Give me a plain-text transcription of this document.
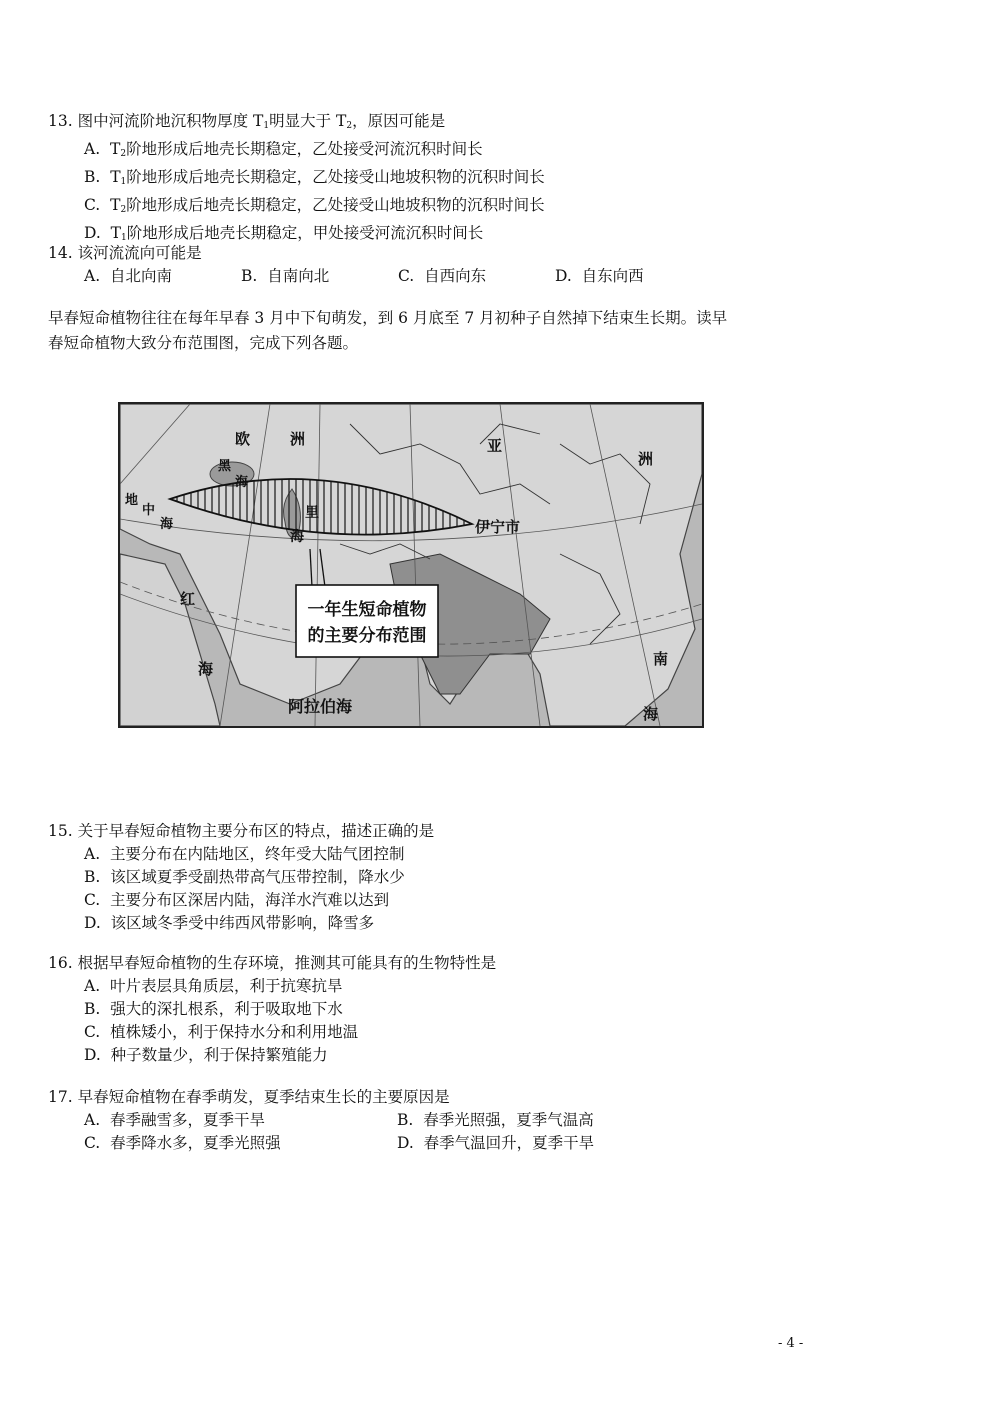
13. 图中河流阶地沉积物厚度 $T_1$明显大于 $T_2$，原因可能是
A. $T_2$阶地形成后地壳长期稳定，乙处接受河流沉积时间长
B. $T_1$阶地形成后地壳长期稳定，乙处接受山地坡积物的沉积时间长
C. $T_2$阶地形成后地壳长期稳定，乙处接受山地坡积物的沉积时间长
D. $T_1$阶地形成后地壳长期稳定，甲处接受河流沉积时间长
14. 该河流流向可能是
A. 自北向南	B. 自南向北	C. 自西向东	D. 自东向西
早春短命植物往往在每年早春 3 月中下旬萌发，到 6 月底至 7 月初种子自然掉下结束生长期。读早
春短命植物大致分布范围图，完成下列各题。
一年生短命植物
的主要分布范围
欧	洲	亚
洲
黑
海
地
中
海
里
海
伊宁市
红
海
阿拉伯海
南
海
15. 关于早春短命植物主要分布区的特点，描述正确的是
A. 主要分布在内陆地区，终年受大陆气团控制
B. 该区域夏季受副热带高气压带控制，降水少
C. 主要分布区深居内陆，海洋水汽难以达到
D. 该区域冬季受中纬西风带影响，降雪多
16. 根据早春短命植物的生存环境，推测其可能具有的生物特性是
A. 叶片表层具角质层，利于抗寒抗旱
B. 强大的深扎根系，利于吸取地下水
C. 植株矮小，利于保持水分和利用地温
D. 种子数量少，利于保持繁殖能力
17. 早春短命植物在春季萌发，夏季结束生长的主要原因是
A. 春季融雪多，夏季干旱	B. 春季光照强，夏季气温高
C. 春季降水多，夏季光照强	D. 春季气温回升，夏季干旱
- 4 -
